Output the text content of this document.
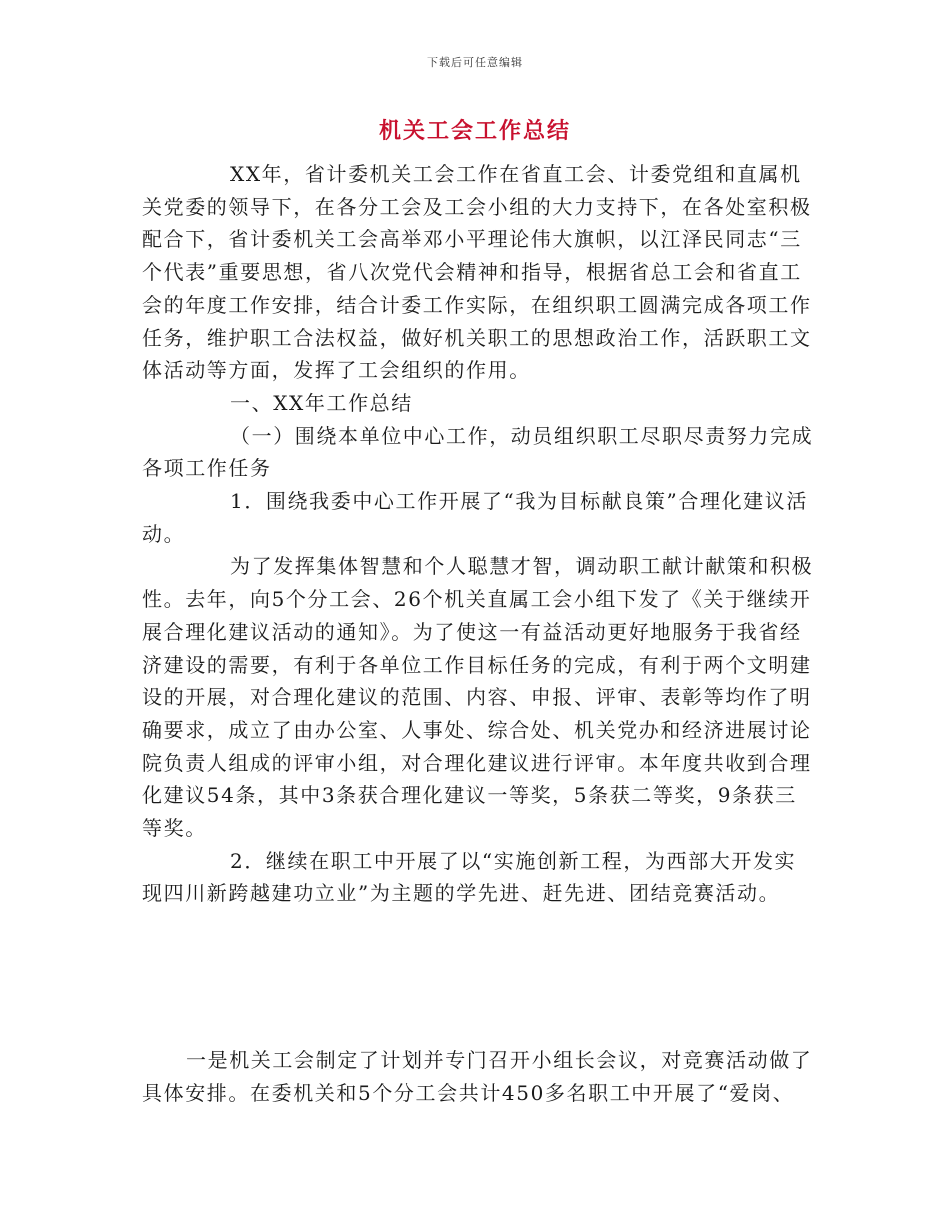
下载后可任意编辑
机关工会工作总结

XX年，省计委机关工会工作在省直工会、计委党组和直属机关党委的领导下，在各分工会及工会小组的大力支持下，在各处室积极配合下，省计委机关工会高举邓小平理论伟大旗帜，以江泽民同志“三个代表”重要思想，省八次党代会精神和指导，根据省总工会和省直工会的年度工作安排，结合计委工作实际，在组织职工圆满完成各项工作任务，维护职工合法权益，做好机关职工的思想政治工作，活跃职工文体活动等方面，发挥了工会组织的作用。

一、XX年工作总结

（一）围绕本单位中心工作，动员组织职工尽职尽责努力完成各项工作任务

1．围绕我委中心工作开展了“我为目标献良策”合理化建议活动。

为了发挥集体智慧和个人聪慧才智，调动职工献计献策和积极性。去年，向5个分工会、26个机关直属工会小组下发了《关于继续开展合理化建议活动的通知》。为了使这一有益活动更好地服务于我省经济建设的需要，有利于各单位工作目标任务的完成，有利于两个文明建设的开展，对合理化建议的范围、内容、申报、评审、表彰等均作了明确要求，成立了由办公室、人事处、综合处、机关党办和经济进展讨论院负责人组成的评审小组，对合理化建议进行评审。本年度共收到合理化建议54条，其中3条获合理化建议一等奖，5条获二等奖，9条获三等奖。

2．继续在职工中开展了以“实施创新工程，为西部大开发实现四川新跨越建功立业”为主题的学先进、赶先进、团结竞赛活动。

一是机关工会制定了计划并专门召开小组长会议，对竞赛活动做了具体安排。在委机关和5个分工会共计450多名职工中开展了“爱岗、
